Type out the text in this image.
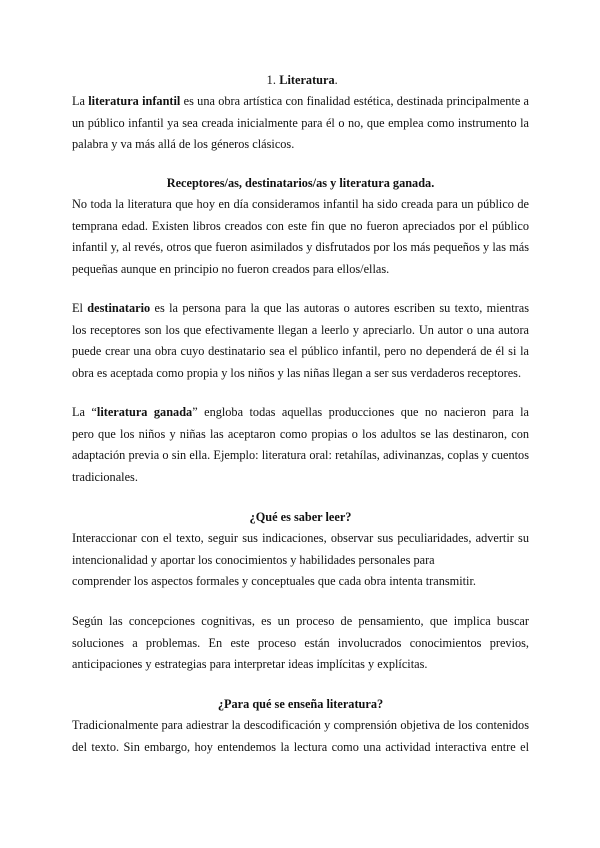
1. Literatura.
La literatura infantil es una obra artística con finalidad estética, destinada principalmente a
un público infantil ya sea creada inicialmente para él o no, que emplea como instrumento la
palabra y va más allá de los géneros clásicos.
Receptores/as, destinatarios/as y literatura ganada.
No toda la literatura que hoy en día consideramos infantil ha sido creada para un público de
temprana edad. Existen libros creados con este fin que no fueron apreciados por el público
infantil y, al revés, otros que fueron asimilados y disfrutados por los más pequeños y las más
pequeñas aunque en principio no fueron creados para ellos/ellas.
El destinatario es la persona para la que las autoras o autores escriben su texto, mientras
los receptores son los que efectivamente llegan a leerlo y apreciarlo. Un autor o una autora
puede crear una obra cuyo destinatario sea el público infantil, pero no dependerá de él si la
obra es aceptada como propia y los niños y las niñas llegan a ser sus verdaderos receptores.
La “literatura ganada” engloba todas aquellas producciones que no nacieron para la
pero que los niños y niñas las aceptaron como propias o los adultos se las destinaron, con
adaptación previa o sin ella. Ejemplo: literatura oral: retahílas, adivinanzas, coplas y cuentos
tradicionales.
¿Qué es saber leer?
Interaccionar con el texto, seguir sus indicaciones, observar sus peculiaridades, advertir su
intencionalidad y aportar los conocimientos y habilidades personales para
comprender los aspectos formales y conceptuales que cada obra intenta transmitir.
Según las concepciones cognitivas, es un proceso de pensamiento, que implica buscar
soluciones a problemas. En este proceso están involucrados conocimientos previos,
anticipaciones y estrategias para interpretar ideas implícitas y explícitas.
¿Para qué se enseña literatura?
Tradicionalmente para adiestrar la descodificación y comprensión objetiva de los contenidos
del texto. Sin embargo, hoy entendemos la lectura como una actividad interactiva entre el
